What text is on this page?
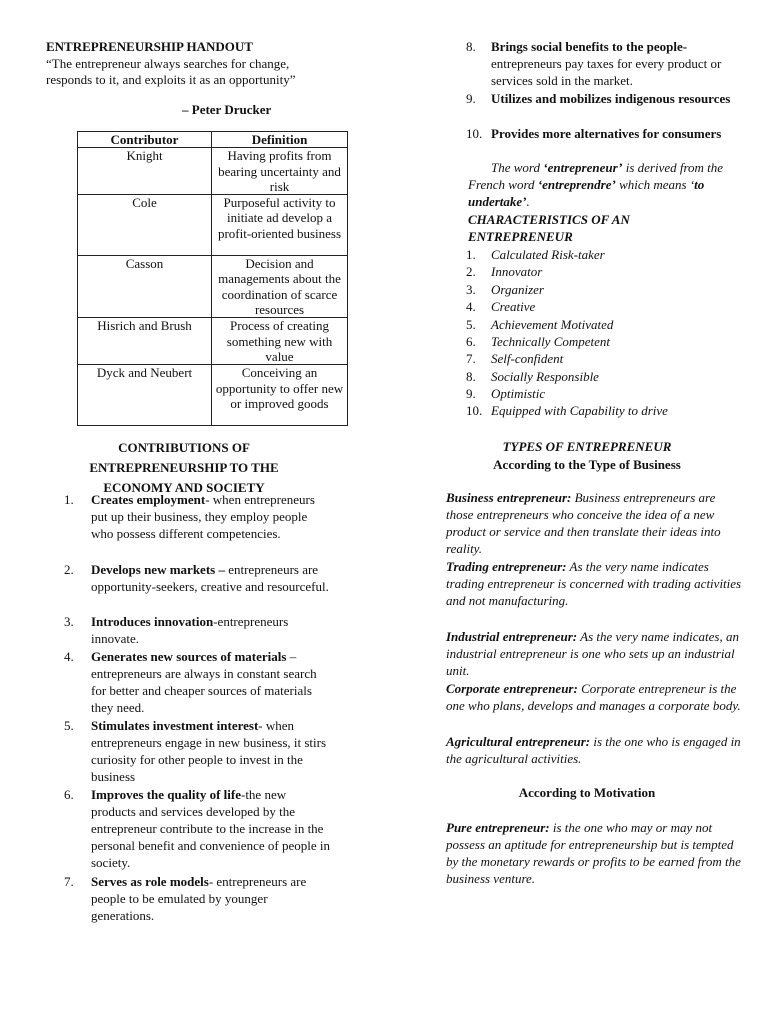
ENTREPRENEURSHIP HANDOUT
“The entrepreneur always searches for change, responds to it, and exploits it as an opportunity”
– Peter Drucker
Contributor	Definition
Knight	Having profits from bearing uncertainty and risk
Cole	Purposeful activity to initiate ad develop a profit-oriented business
Casson	Decision and managements about the coordination of scarce resources
Hisrich and Brush	Process of creating something new with value
Dyck and Neubert	Conceiving an opportunity to offer new or improved goods
CONTRIBUTIONS OF ENTREPRENEURSHIP TO THE ECONOMY AND SOCIETY
1.	Creates employment- when entrepreneurs put up their business, they employ people who possess different competencies.
2.	Develops new markets – entrepreneurs are opportunity-seekers, creative and resourceful.
3.	Introduces innovation-entrepreneurs innovate.
4.	Generates new sources of materials –entrepreneurs are always in constant search for better and cheaper sources of materials they need.
5.	Stimulates investment interest- when entrepreneurs engage in new business, it stirs curiosity for other people to invest in the business
6.	Improves the quality of life-the new products and services developed by the entrepreneur contribute to the increase in the personal benefit and convenience of people in society.
7.	Serves as role models- entrepreneurs are people to be emulated by younger generations.
8.	Brings social benefits to the people- entrepreneurs pay taxes for every product or services sold in the market.
9.	Utilizes and mobilizes indigenous resources
10. Provides more alternatives for consumers
The word ‘entrepreneur’ is derived from the French word ‘entreprendre’ which means ‘to undertake’.
CHARACTERISTICS OF AN ENTREPRENEUR
1.	Calculated Risk-taker
2.	Innovator
3.	Organizer
4.	Creative
5.	Achievement Motivated
6.	Technically Competent
7.	Self-confident
8.	Socially Responsible
9.	Optimistic
10. Equipped with Capability to drive
TYPES OF ENTREPRENEUR
According to the Type of Business
Business entrepreneur: Business entrepreneurs are those entrepreneurs who conceive the idea of a new product or service and then translate their ideas into reality.
Trading entrepreneur: As the very name indicates trading entrepreneur is concerned with trading activities and not manufacturing.
Industrial entrepreneur: As the very name indicates, an industrial entrepreneur is one who sets up an industrial unit.
Corporate entrepreneur: Corporate entrepreneur is the one who plans, develops and manages a corporate body.
Agricultural entrepreneur: is the one who is engaged in the agricultural activities.
According to Motivation
Pure entrepreneur: is the one who may or may not possess an aptitude for entrepreneurship but is tempted by the monetary rewards or profits to be earned from the business venture.
